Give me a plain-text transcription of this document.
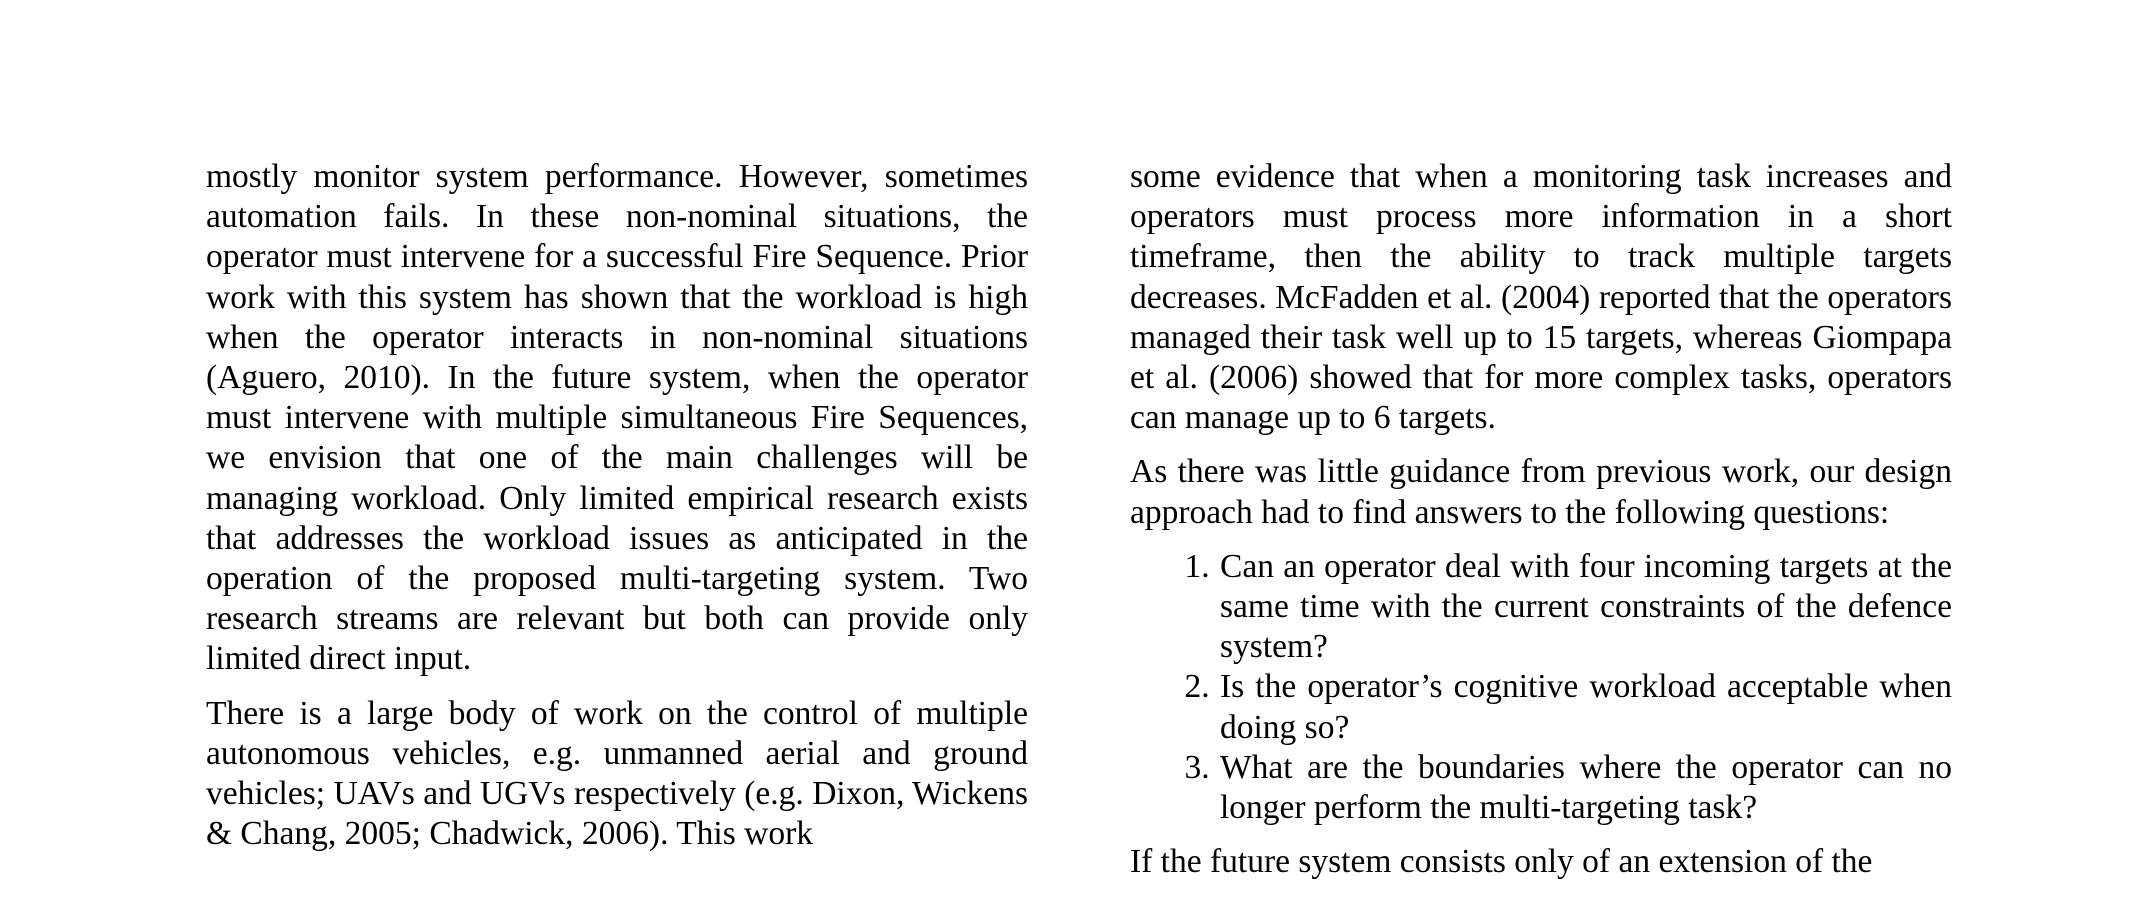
mostly monitor system performance. However, sometimes automation fails. In these non-nominal situations, the operator must intervene for a successful Fire Sequence. Prior work with this system has shown that the workload is high when the operator interacts in non-nominal situations (Aguero, 2010). In the future system, when the operator must intervene with multiple simultaneous Fire Sequences, we envision that one of the main challenges will be managing workload. Only limited empirical research exists that addresses the workload issues as anticipated in the operation of the proposed multi-targeting system. Two research streams are relevant but both can provide only limited direct input.

There is a large body of work on the control of multiple autonomous vehicles, e.g. unmanned aerial and ground vehicles; UAVs and UGVs respectively (e.g. Dixon, Wickens & Chang, 2005; Chadwick, 2006). This work

some evidence that when a monitoring task increases and operators must process more information in a short timeframe, then the ability to track multiple targets decreases. McFadden et al. (2004) reported that the operators managed their task well up to 15 targets, whereas Giompapa et al. (2006) showed that for more complex tasks, operators can manage up to 6 targets.

As there was little guidance from previous work, our design approach had to find answers to the following questions:

1. Can an operator deal with four incoming targets at the same time with the current constraints of the defence system?
2. Is the operator’s cognitive workload acceptable when doing so?
3. What are the boundaries where the operator can no longer perform the multi-targeting task?

If the future system consists only of an extension of the
